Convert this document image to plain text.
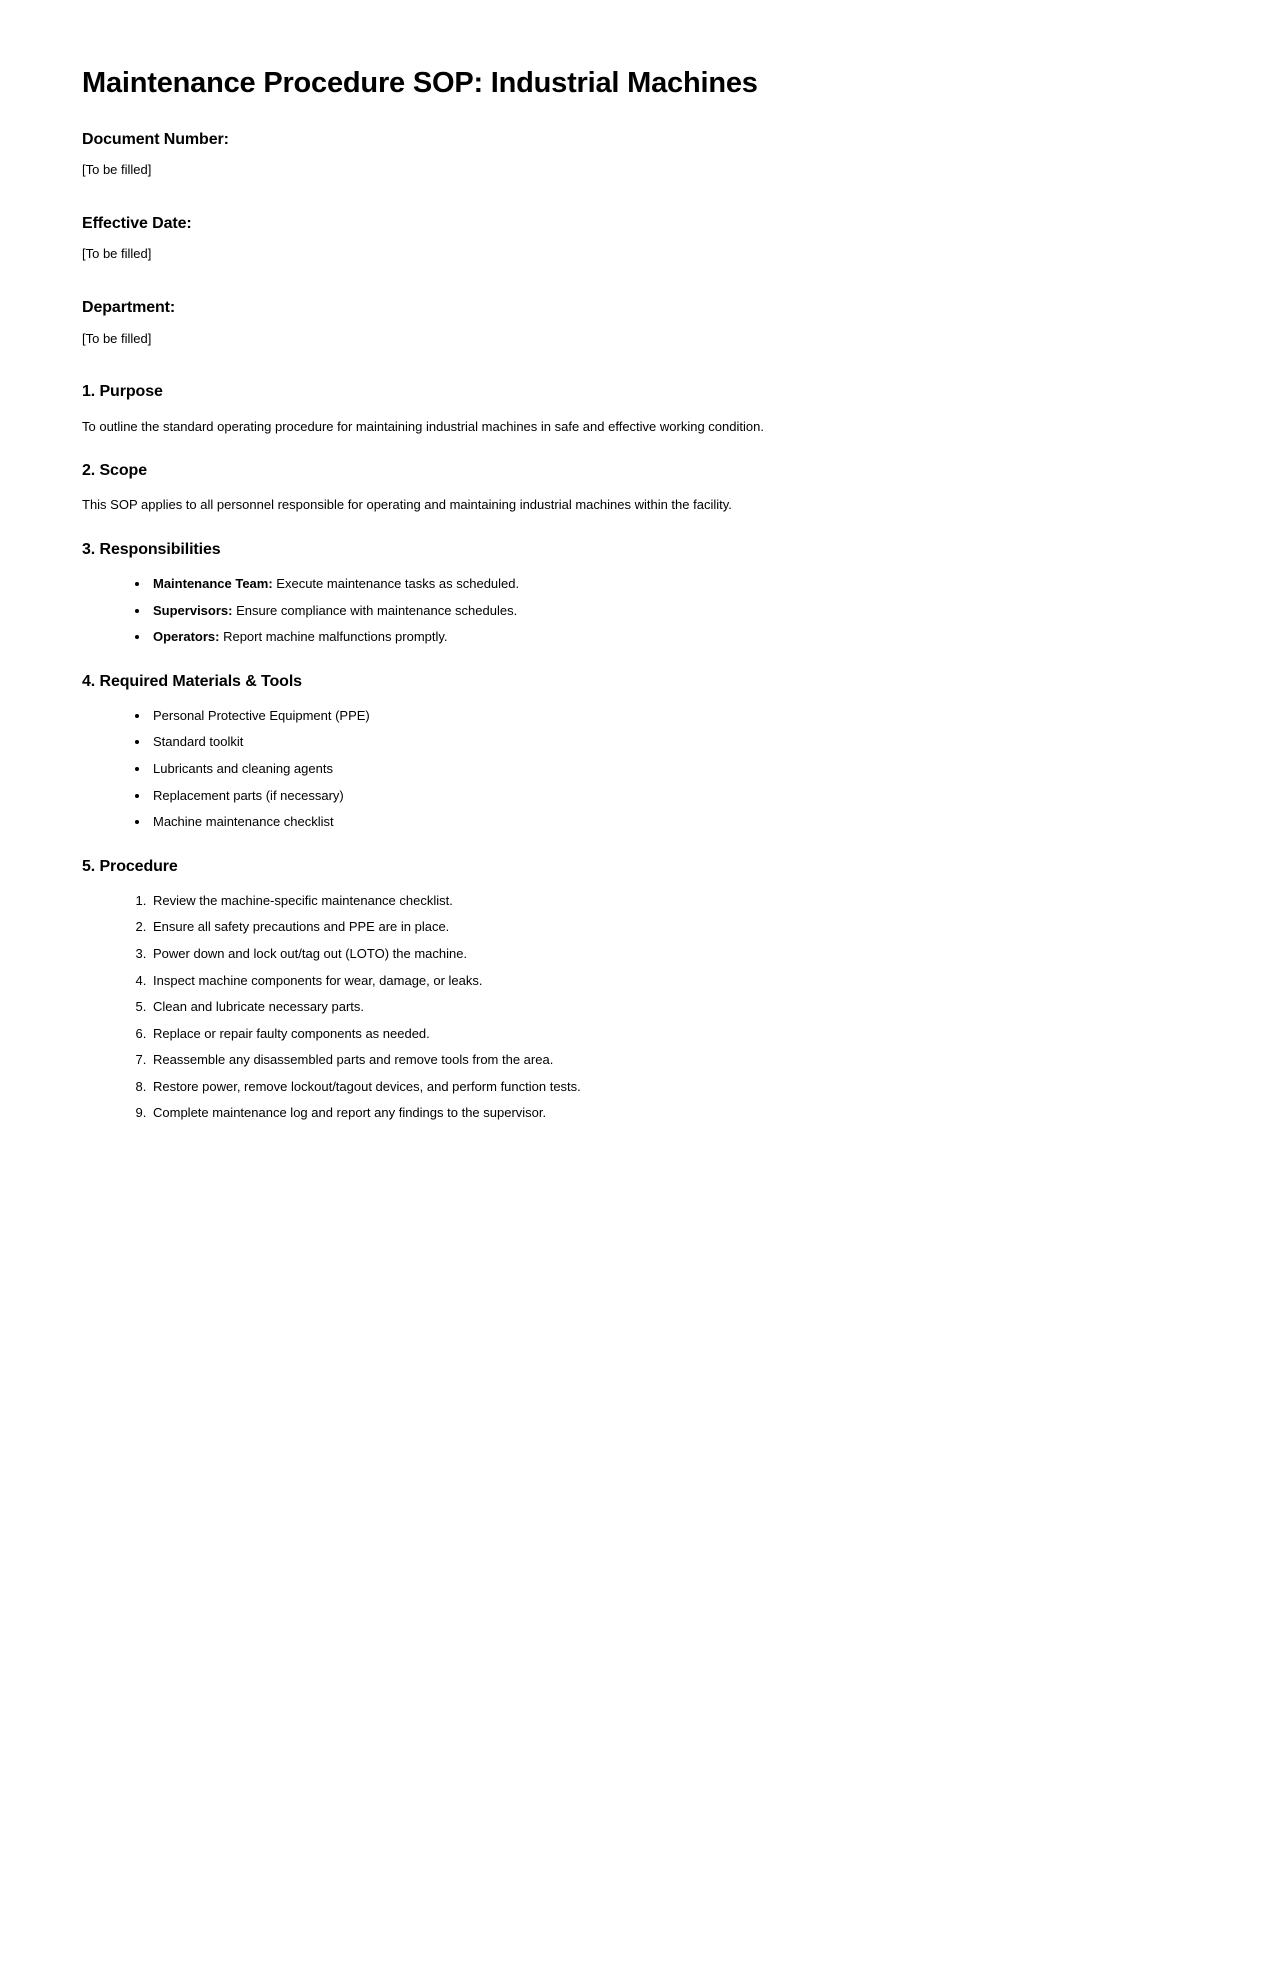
Maintenance Procedure SOP: Industrial Machines
Document Number:
[To be filled]
Effective Date:
[To be filled]
Department:
[To be filled]
1. Purpose

To outline the standard operating procedure for maintaining industrial machines in safe and effective working condition.

2. Scope

This SOP applies to all personnel responsible for operating and maintaining industrial machines within the facility.

3. Responsibilities
• Maintenance Team: Execute maintenance tasks as scheduled.
• Supervisors: Ensure compliance with maintenance schedules.
• Operators: Report machine malfunctions promptly.
4. Required Materials & Tools
• Personal Protective Equipment (PPE)
• Standard toolkit
• Lubricants and cleaning agents
• Replacement parts (if necessary)
• Machine maintenance checklist
5. Procedure
1. Review the machine-specific maintenance checklist.
2. Ensure all safety precautions and PPE are in place.
3. Power down and lock out/tag out (LOTO) the machine.
4. Inspect machine components for wear, damage, or leaks.
5. Clean and lubricate necessary parts.
6. Replace or repair faulty components as needed.
7. Reassemble any disassembled parts and remove tools from the area.
8. Restore power, remove lockout/tagout devices, and perform function tests.
9. Complete maintenance log and report any findings to the supervisor.
